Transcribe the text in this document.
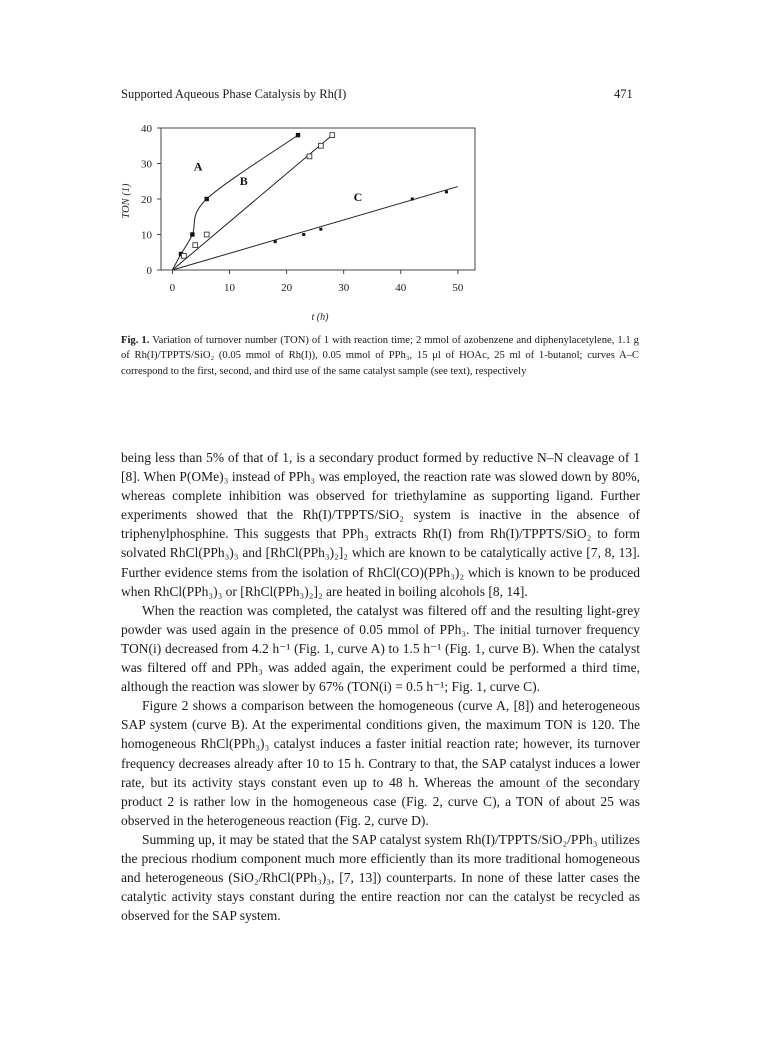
Supported Aqueous Phase Catalysis by Rh(I)	471
0
10
20
30
40
0	10	20	30	40	50
t (h)
TON (1)
A
B
C
Fig. 1. Variation of turnover number (TON) of 1 with reaction time; 2 mmol of azobenzene and diphenylacetylene, 1.1 g of Rh(I)/TPPTS/SiO₂ (0.05 mmol of Rh(I)), 0.05 mmol of PPh₃, 15 μl of HOAc, 25 ml of 1-butanol; curves A–C correspond to the first, second, and third use of the same catalyst sample (see text), respectively

being less than 5% of that of 1, is a secondary product formed by reductive N–N cleavage of 1 [8]. When P(OMe)₃ instead of PPh₃ was employed, the reaction rate was slowed down by 80%, whereas complete inhibition was observed for triethylamine as supporting ligand. Further experiments showed that the Rh(I)/TPPTS/SiO₂ system is inactive in the absence of triphenylphosphine. This suggests that PPh₃ extracts Rh(I) from Rh(I)/TPPTS/SiO₂ to form solvated RhCl(PPh₃)₃ and [RhCl(PPh₃)₂]₂ which are known to be catalytically active [7, 8, 13]. Further evidence stems from the isolation of RhCl(CO)(PPh₃)₂ which is known to be produced when RhCl(PPh₃)₃ or [RhCl(PPh₃)₂]₂ are heated in boiling alcohols [8, 14].

When the reaction was completed, the catalyst was filtered off and the resulting light-grey powder was used again in the presence of 0.05 mmol of PPh₃. The initial turnover frequency TON(i) decreased from 4.2 h⁻¹ (Fig. 1, curve A) to 1.5 h⁻¹ (Fig. 1, curve B). When the catalyst was filtered off and PPh₃ was added again, the experiment could be performed a third time, although the reaction was slower by 67% (TON(i) = 0.5 h⁻¹; Fig. 1, curve C).

Figure 2 shows a comparison between the homogeneous (curve A, [8]) and heterogeneous SAP system (curve B). At the experimental conditions given, the maximum TON is 120. The homogeneous RhCl(PPh₃)₃ catalyst induces a faster initial reaction rate; however, its turnover frequency decreases already after 10 to 15 h. Contrary to that, the SAP catalyst induces a lower rate, but its activity stays constant even up to 48 h. Whereas the amount of the secondary product 2 is rather low in the homogeneous case (Fig. 2, curve C), a TON of about 25 was observed in the heterogeneous reaction (Fig. 2, curve D).

Summing up, it may be stated that the SAP catalyst system Rh(I)/TPPTS/SiO₂/PPh₃ utilizes the precious rhodium component much more efficiently than its more traditional homogeneous and heterogeneous (SiO₂/RhCl(PPh₃)₃, [7, 13]) counterparts. In none of these latter cases the catalytic activity stays constant during the entire reaction nor can the catalyst be recycled as observed for the SAP system.
